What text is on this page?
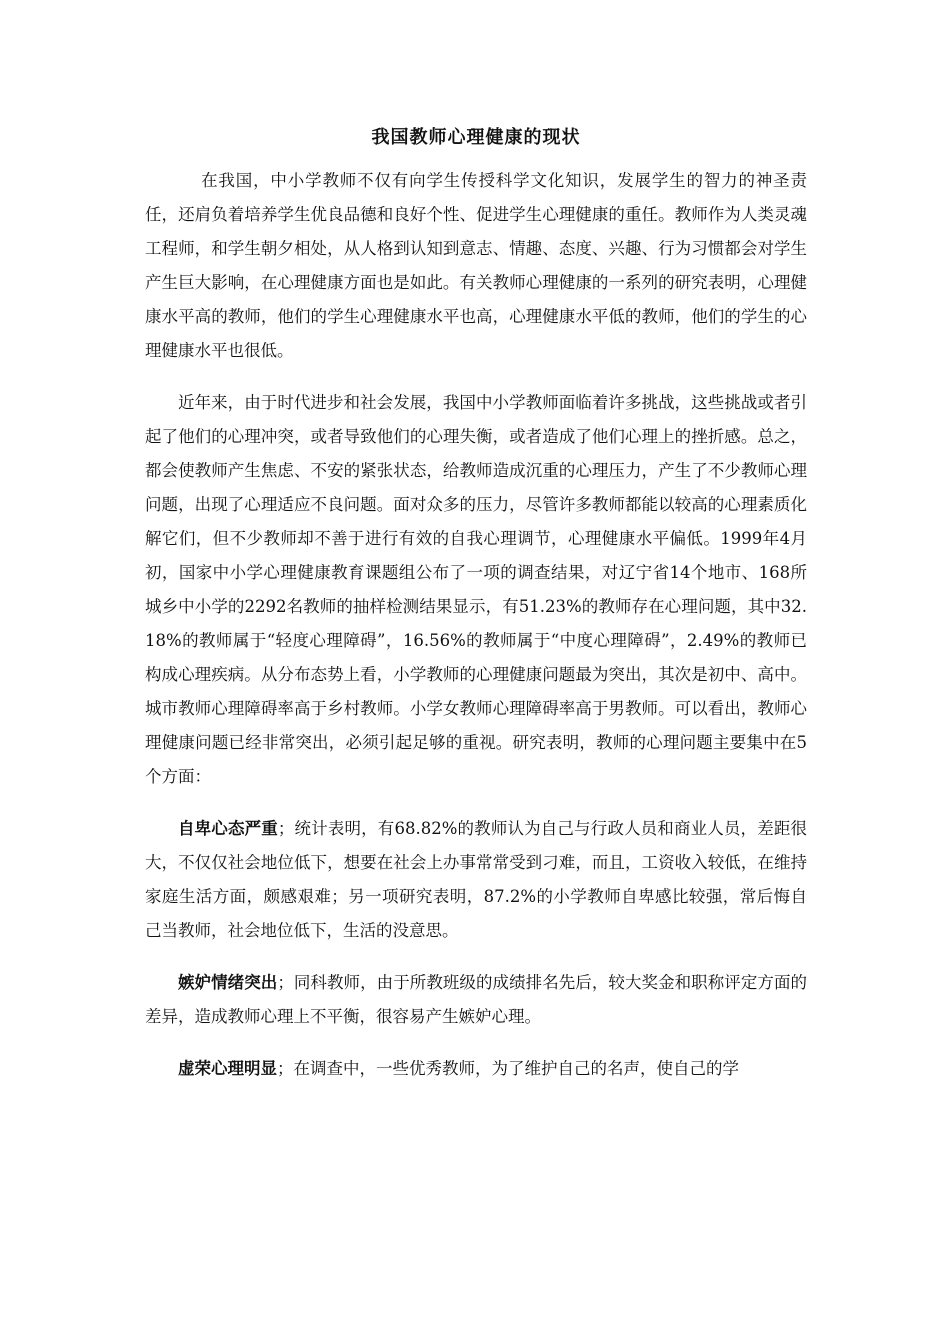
我国教师心理健康的现状

在我国，中小学教师不仅有向学生传授科学文化知识，发展学生的智力的神圣责任，还肩负着培养学生优良品德和良好个性、促进学生心理健康的重任。教师作为人类灵魂工程师，和学生朝夕相处，从人格到认知到意志、情趣、态度、兴趣、行为习惯都会对学生产生巨大影响，在心理健康方面也是如此。有关教师心理健康的一系列的研究表明，心理健康水平高的教师，他们的学生心理健康水平也高，心理健康水平低的教师，他们的学生的心理健康水平也很低。

近年来，由于时代进步和社会发展，我国中小学教师面临着许多挑战，这些挑战或者引起了他们的心理冲突，或者导致他们的心理失衡，或者造成了他们心理上的挫折感。总之，都会使教师产生焦虑、不安的紧张状态，给教师造成沉重的心理压力，产生了不少教师心理问题，出现了心理适应不良问题。面对众多的压力，尽管许多教师都能以较高的心理素质化解它们，但不少教师却不善于进行有效的自我心理调节，心理健康水平偏低。1999年4月初，国家中小学心理健康教育课题组公布了一项的调查结果，对辽宁省14个地市、168所城乡中小学的2292名教师的抽样检测结果显示，有51.23%的教师存在心理问题，其中32.18%的教师属于“轻度心理障碍”，16.56%的教师属于“中度心理障碍”，2.49%的教师已构成心理疾病。从分布态势上看，小学教师的心理健康问题最为突出，其次是初中、高中。城市教师心理障碍率高于乡村教师。小学女教师心理障碍率高于男教师。可以看出，教师心理健康问题已经非常突出，必须引起足够的重视。研究表明，教师的心理问题主要集中在5个方面：

自卑心态严重；统计表明，有68.82%的教师认为自己与行政人员和商业人员，差距很大，不仅仅社会地位低下，想要在社会上办事常常受到刁难，而且，工资收入较低，在维持家庭生活方面，颇感艰难；另一项研究表明，87.2%的小学教师自卑感比较强，常后悔自己当教师，社会地位低下，生活的没意思。

嫉妒情绪突出；同科教师，由于所教班级的成绩排名先后，较大奖金和职称评定方面的差异，造成教师心理上不平衡，很容易产生嫉妒心理。

虚荣心理明显；在调查中，一些优秀教师，为了维护自己的名声，使自己的学
